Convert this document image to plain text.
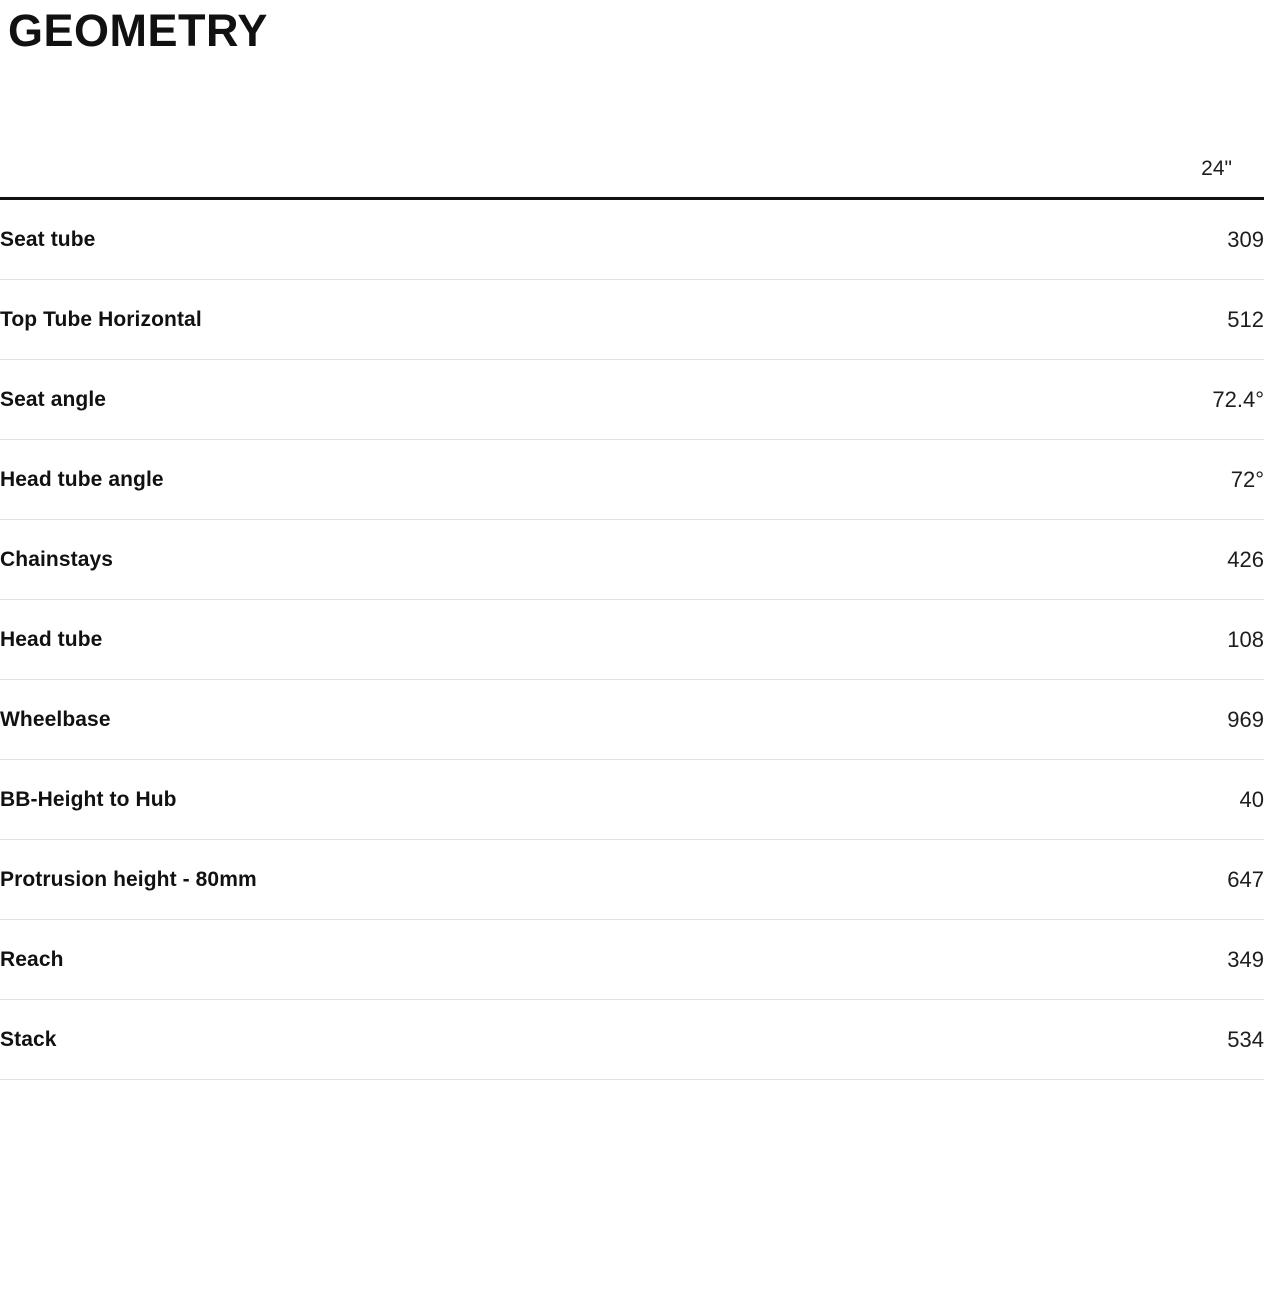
GEOMETRY
	24"
Seat tube	309
Top Tube Horizontal	512
Seat angle	72.4°
Head tube angle	72°
Chainstays	426
Head tube	108
Wheelbase	969
BB-Height to Hub	40
Protrusion height - 80mm	647
Reach	349
Stack	534
